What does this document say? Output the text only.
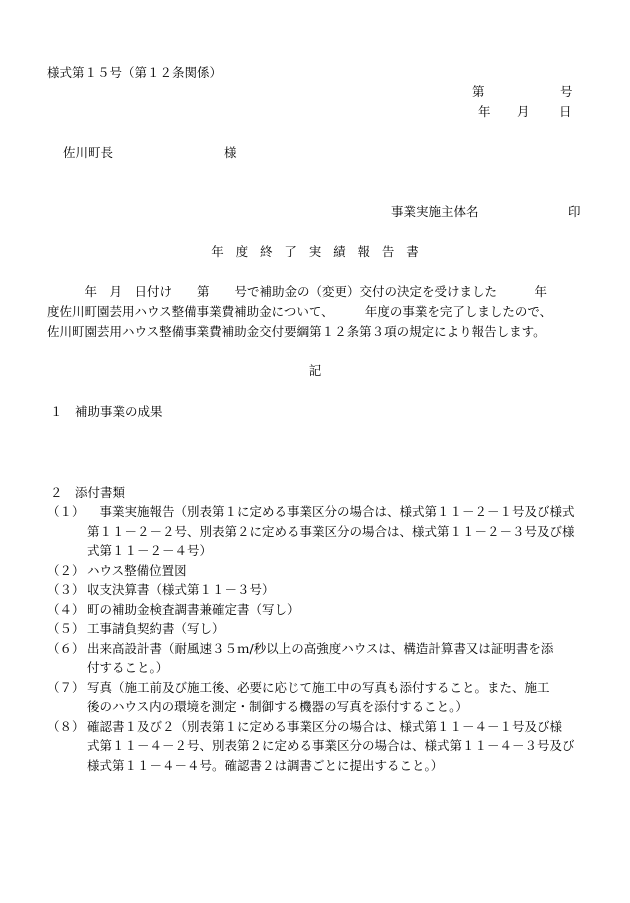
様式第１５号（第１２条関係）
第	号
年 月 日
佐川町長	様
事業実施主体名	印
年度終了実績報告書
　　　年　月　日付け　　第　　号で補助金の（変更）交付の決定を受けました　　　年
度佐川町園芸用ハウス整備事業費補助金について、　　　年度の事業を完了しましたので、
佐川町園芸用ハウス整備事業費補助金交付要綱第１２条第３項の規定により報告します。
記
１　補助事業の成果
２　添付書類
（１） 　事業実施報告（別表第１に定める事業区分の場合は、様式第１１－２－１号及び様式
第１１－２－２号、別表第２に定める事業区分の場合は、様式第１１－２－３号及び様
式第１１－２－４号）
（２） ハウス整備位置図
（３） 収支決算書（様式第１１－３号）
（４） 町の補助金検査調書兼確定書（写し）
（５） 工事請負契約書（写し）
（６） 出来高設計書（耐風速３５ｍ/秒以上の高強度ハウスは、構造計算書又は証明書を添
付すること。）
（７） 写真（施工前及び施工後、必要に応じて施工中の写真も添付すること。また、施工
後のハウス内の環境を測定・制御する機器の写真を添付すること。）
（８） 確認書１及び２（別表第１に定める事業区分の場合は、様式第１１－４－１号及び様
式第１１－４－２号、別表第２に定める事業区分の場合は、様式第１１－４－３号及び
様式第１１－４－４号。確認書２は調書ごとに提出すること。）
